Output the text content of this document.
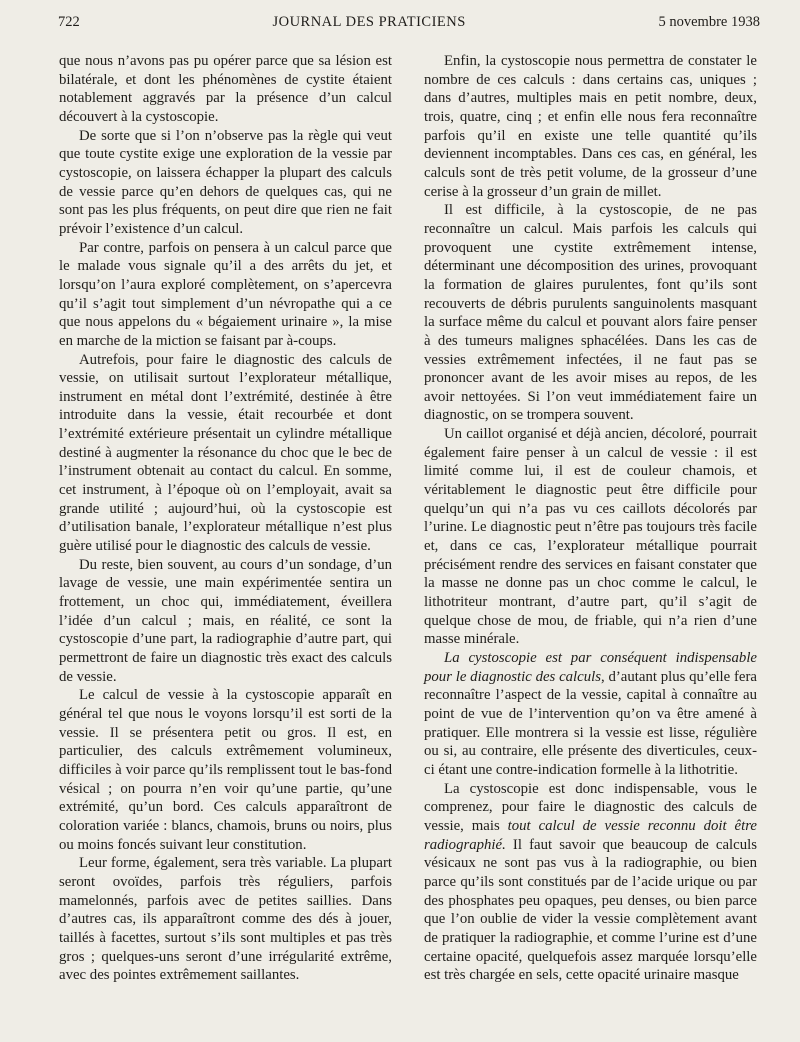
722	JOURNAL DES PRATICIENS	5 novembre 1938

que nous n’avons pas pu opérer parce que sa lésion est bilatérale, et dont les phénomènes de cystite étaient notablement aggravés par la présence d’un calcul découvert à la cystoscopie.

De sorte que si l’on n’observe pas la règle qui veut que toute cystite exige une exploration de la vessie par cystoscopie, on laissera échapper la plupart des calculs de vessie parce qu’en dehors de quelques cas, qui ne sont pas les plus fréquents, on peut dire que rien ne fait prévoir l’existence d’un calcul.

Par contre, parfois on pensera à un calcul parce que le malade vous signale qu’il a des arrêts du jet, et lorsqu’on l’aura exploré complètement, on s’apercevra qu’il s’agit tout simplement d’un névropathe qui a ce que nous appelons du « bégaiement urinaire », la mise en marche de la miction se faisant par à-coups.

Autrefois, pour faire le diagnostic des calculs de vessie, on utilisait surtout l’explorateur métallique, instrument en métal dont l’extrémité, destinée à être introduite dans la vessie, était recourbée et dont l’extrémité extérieure présentait un cylindre métallique destiné à augmenter la résonance du choc que le bec de l’instrument obtenait au contact du calcul. En somme, cet instrument, à l’époque où on l’employait, avait sa grande utilité ; aujourd’hui, où la cystoscopie est d’utilisation banale, l’explorateur métallique n’est plus guère utilisé pour le diagnostic des calculs de vessie.

Du reste, bien souvent, au cours d’un sondage, d’un lavage de vessie, une main expérimentée sentira un frottement, un choc qui, immédiatement, éveillera l’idée d’un calcul ; mais, en réalité, ce sont la cystoscopie d’une part, la radiographie d’autre part, qui permettront de faire un diagnostic très exact des calculs de vessie.

Le calcul de vessie à la cystoscopie apparaît en général tel que nous le voyons lorsqu’il est sorti de la vessie. Il se présentera petit ou gros. Il est, en particulier, des calculs extrêmement volumineux, difficiles à voir parce qu’ils remplissent tout le bas-fond vésical ; on pourra n’en voir qu’une partie, qu’une extrémité, qu’un bord. Ces calculs apparaîtront de coloration variée : blancs, chamois, bruns ou noirs, plus ou moins foncés suivant leur constitution.

Leur forme, également, sera très variable. La plupart seront ovoïdes, parfois très réguliers, parfois mamelonnés, parfois avec de petites saillies. Dans d’autres cas, ils apparaîtront comme des dés à jouer, taillés à facettes, surtout s’ils sont multiples et pas très gros ; quelques-uns seront d’une irrégularité extrême, avec des pointes extrêmement saillantes.

Enfin, la cystoscopie nous permettra de constater le nombre de ces calculs : dans certains cas, uniques ; dans d’autres, multiples mais en petit nombre, deux, trois, quatre, cinq ; et enfin elle nous fera reconnaître parfois qu’il en existe une telle quantité qu’ils deviennent incomptables. Dans ces cas, en général, les calculs sont de très petit volume, de la grosseur d’une cerise à la grosseur d’un grain de millet.

Il est difficile, à la cystoscopie, de ne pas reconnaître un calcul. Mais parfois les calculs qui provoquent une cystite extrêmement intense, déterminant une décomposition des urines, provoquant la formation de glaires purulentes, font qu’ils sont recouverts de débris purulents sanguinolents masquant la surface même du calcul et pouvant alors faire penser à des tumeurs malignes sphacélées. Dans les cas de vessies extrêmement infectées, il ne faut pas se prononcer avant de les avoir mises au repos, de les avoir nettoyées. Si l’on veut immédiatement faire un diagnostic, on se trompera souvent.

Un caillot organisé et déjà ancien, décoloré, pourrait également faire penser à un calcul de vessie : il est limité comme lui, il est de couleur chamois, et véritablement le diagnostic peut être difficile pour quelqu’un qui n’a pas vu ces caillots décolorés par l’urine. Le diagnostic peut n’être pas toujours très facile et, dans ce cas, l’explorateur métallique pourrait précisément rendre des services en faisant constater que la masse ne donne pas un choc comme le calcul, le lithotriteur montrant, d’autre part, qu’il s’agit de quelque chose de mou, de friable, qui n’a rien d’une masse minérale.

La cystoscopie est par conséquent indispensable pour le diagnostic des calculs, d’autant plus qu’elle fera reconnaître l’aspect de la vessie, capital à connaître au point de vue de l’intervention qu’on va être amené à pratiquer. Elle montrera si la vessie est lisse, régulière ou si, au contraire, elle présente des diverticules, ceux-ci étant une contre-indication formelle à la lithotritie.

La cystoscopie est donc indispensable, vous le comprenez, pour faire le diagnostic des calculs de vessie, mais tout calcul de vessie reconnu doit être radiographié. Il faut savoir que beaucoup de calculs vésicaux ne sont pas vus à la radiographie, ou bien parce qu’ils sont constitués par de l’acide urique ou par des phosphates peu opaques, peu denses, ou bien parce que l’on oublie de vider la vessie complètement avant de pratiquer la radiographie, et comme l’urine est d’une certaine opacité, quelquefois assez marquée lorsqu’elle est très chargée en sels, cette opacité urinaire masque
